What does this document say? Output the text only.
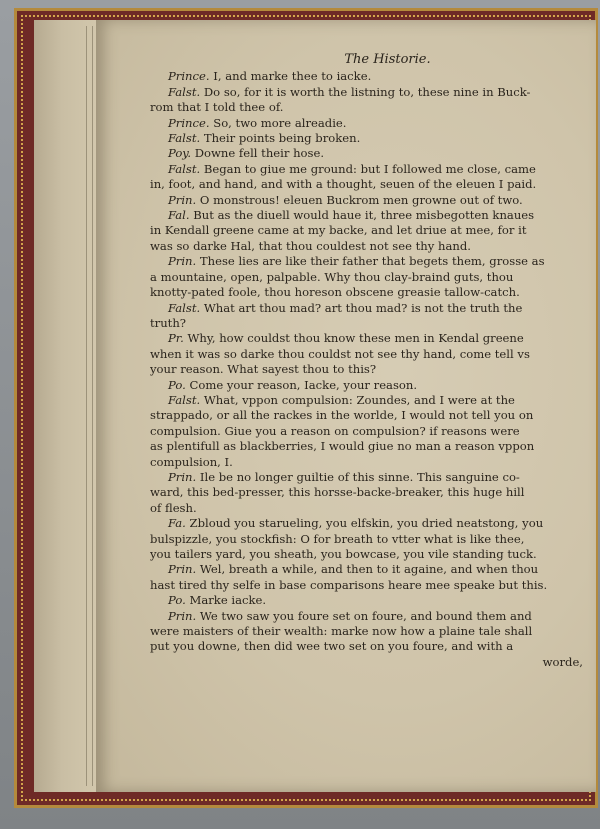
The Historie.
Prince. I, and marke thee to iacke.
Falst. Do so, for it is worth the listning to, these nine in Buck-
rom that I told thee of.
Prince. So, two more alreadie.
Falst. Their points being broken.
Poy. Downe fell their hose.
Falst. Began to giue me ground: but I followed me close, came
in, foot, and hand, and with a thought, seuen of the eleuen I paid.
Prin. O monstrous! eleuen Buckrom men growne out of two.
Fal. But as the diuell would haue it, three misbegotten knaues
in Kendall greene came at my backe, and let driue at mee, for it
was so darke Hal, that thou couldest not see thy hand.
Prin. These lies are like their father that begets them, grosse as
a mountaine, open, palpable. Why thou clay-braind guts, thou
knotty-pated foole, thou horeson obscene greasie tallow-catch.
Falst. What art thou mad? art thou mad? is not the truth the
truth?
Pr. Why, how couldst thou know these men in Kendal greene
when it was so darke thou couldst not see thy hand, come tell vs
your reason. What sayest thou to this?
Po. Come your reason, Iacke, your reason.
Falst. What, vppon compulsion: Zoundes, and I were at the
strappado, or all the rackes in the worlde, I would not tell you on
compulsion. Giue you a reason on compulsion? if reasons were
as plentifull as blackberries, I would giue no man a reason vppon
compulsion, I.
Prin. Ile be no longer guiltie of this sinne. This sanguine co-
ward, this bed-presser, this horsse-backe-breaker, this huge hill
of flesh.
Fa. Zbloud you starueling, you elfskin, you dried neatstong, you
bulspizzle, you stockfish: O for breath to vtter what is like thee,
you tailers yard, you sheath, you bowcase, you vile standing tuck.
Prin. Wel, breath a while, and then to it againe, and when thou
hast tired thy selfe in base comparisons heare mee speake but this.
Po. Marke iacke.
Prin. We two saw you foure set on foure, and bound them and
were maisters of their wealth: marke now how a plaine tale shall
put you downe, then did wee two set on you foure, and with a
worde,
